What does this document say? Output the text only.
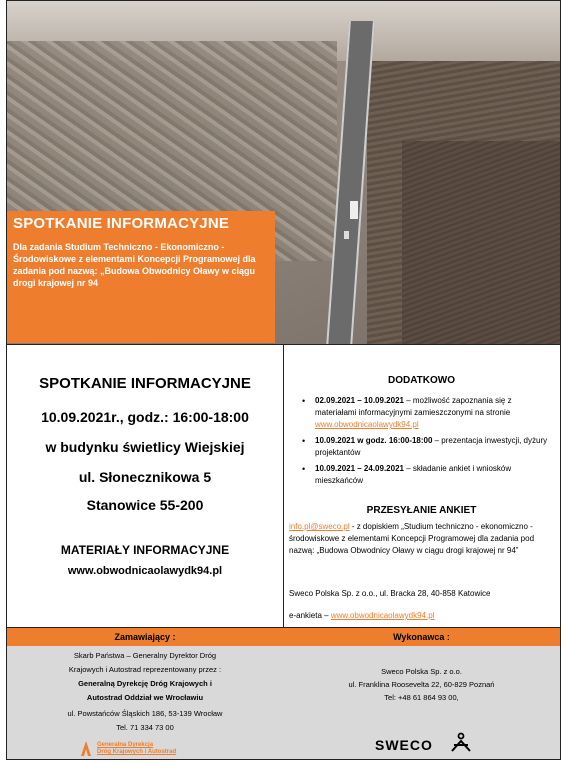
SPOTKANIE INFORMACYJNE
Dla zadania Studium Techniczno - Ekonomiczno - Środowiskowe z elementami Koncepcji Programowej dla zadania pod nazwą: „Budowa Obwodnicy Oławy w ciągu drogi krajowej nr 94
SPOTKANIE INFORMACYJNE
10.09.2021r., godz.: 16:00-18:00
w budynku świetlicy Wiejskiej
ul. Słonecznikowa 5
Stanowice 55-200
MATERIAŁY INFORMACYJNE
www.obwodnicaolawydk94.pl
DODATKOWO
• 02.09.2021 – 10.09.2021 – możliwość zapoznania się z materiałami informacyjnymi zamieszczonymi na stronie www.obwodnicaolawydk94.pl
• 10.09.2021 w godz. 16:00-18:00 – prezentacja inwestycji, dyżury projektantów
• 10.09.2021 – 24.09.2021 – składanie ankiet i wniosków mieszkańców
PRZESYŁANIE ANKIET
info.pl@sweco.pl - z dopiskiem „Studium techniczno - ekonomiczno - środowiskowe z elementami Koncepcji Programowej dla zadania pod nazwą: „Budowa Obwodnicy Oławy w ciągu drogi krajowej nr 94”
Sweco Polska Sp. z o.o., ul. Bracka 28, 40-858 Katowice
e-ankieta – www.obwodnicaolawydk94.pl
Zamawiający :	Wykonawca :
Skarb Państwa – Generalny Dyrektor Dróg
Krajowych i Autostrad reprezentowany przez :
Generalną Dyrekcję Dróg Krajowych i
Autostrad Oddział we Wrocławiu
ul. Powstańców Śląskich 186, 53-139 Wrocław
Tel. 71 334 73 00
Generalna Dyrekcja
Dróg Krajowych i Autostrad
Sweco Polska Sp. z o.o.
ul. Franklina Roosevelta 22, 60-829 Poznań
Tel: +48 61 864 93 00,
SWECO
